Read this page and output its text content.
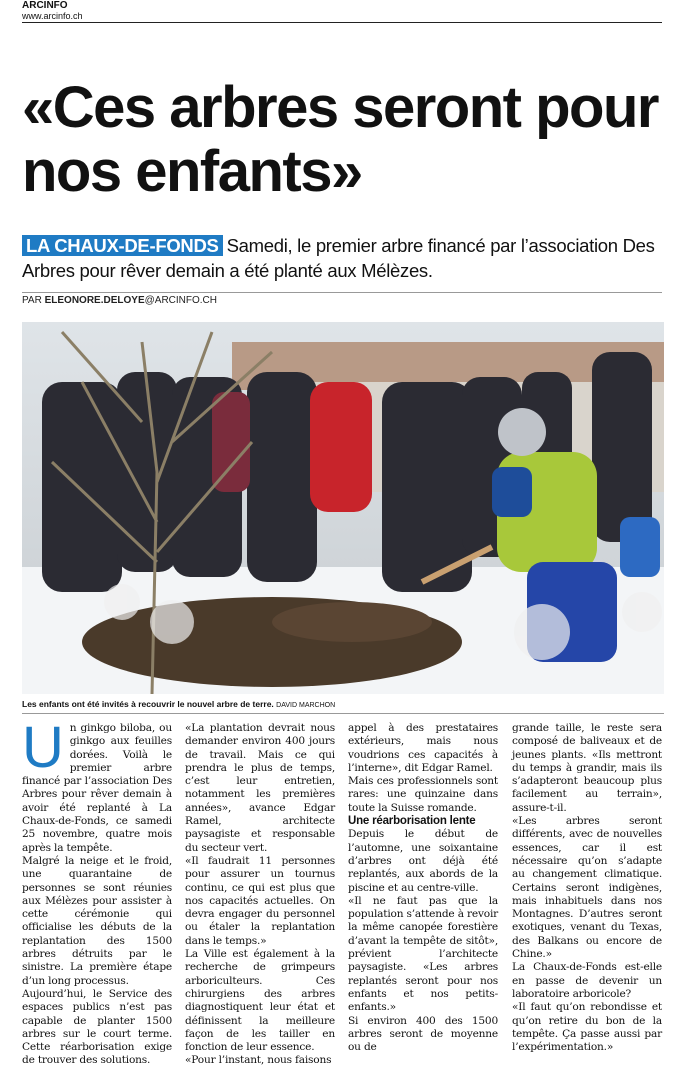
ARCINFO
www.arcinfo.ch
«Ces arbres seront pour nos enfants»
LA CHAUX-DE-FONDS Samedi, le premier arbre financé par l’association Des Arbres pour rêver demain a été planté aux Mélèzes.
PAR ELEONORE.DELOYE@ARCINFO.CH
Les enfants ont été invités à recouvrir le nouvel arbre de terre. DAVID MARCHON
U n ginkgo biloba, ou ginkgo aux feuilles dorées. Voilà le premier arbre financé par l’association Des Arbres pour rêver demain à avoir été replanté à La Chaux-de-Fonds, ce samedi 25 novembre, quatre mois après la tempête.

Malgré la neige et le froid, une quarantaine de personnes se sont réunies aux Mélèzes pour assister à cette cérémonie qui officialise les débuts de la replantation des 1500 arbres détruits par le sinistre. La première étape d’un long processus.

Aujourd’hui, le Service des espaces publics n’est pas capable de planter 1500 arbres sur le court terme. Cette réarborisation exige de trouver des solutions.

«La plantation devrait nous demander environ 400 jours de travail. Mais ce qui prendra le plus de temps, c’est leur entretien, notamment les premières années», avance Edgar Ramel, architecte paysagiste et responsable du secteur vert.

«Il faudrait 11 personnes pour assurer un tournus continu, ce qui est plus que nos capacités actuelles. On devra engager du personnel ou étaler la replantation dans le temps.»

La Ville est également à la recherche de grimpeurs arboriculteurs. Ces chirurgiens des arbres diagnostiquent leur état et définissent la meilleure façon de les tailler en fonction de leur essence.

«Pour l’instant, nous faisons

appel à des prestataires extérieurs, mais nous voudrions ces capacités à l’interne», dit Edgar Ramel.

Mais ces professionnels sont rares: une quinzaine dans toute la Suisse romande.

Une réarborisation lente

Depuis le début de l’automne, une soixantaine d’arbres ont déjà été replantés, aux abords de la piscine et au centre-ville.

«Il ne faut pas que la population s’attende à revoir la même canopée forestière d’avant la tempête de sitôt», prévient l’architecte paysagiste. «Les arbres replantés seront pour nos enfants et nos petits-enfants.»

Si environ 400 des 1500 arbres seront de moyenne ou de

grande taille, le reste sera composé de baliveaux et de jeunes plants. «Ils mettront du temps à grandir, mais ils s’adapteront beaucoup plus facilement au terrain», assure-t-il.

«Les arbres seront différents, avec de nouvelles essences, car il est nécessaire qu’on s’adapte au changement climatique. Certains seront indigènes, mais inhabituels dans nos Montagnes. D’autres seront exotiques, venant du Texas, des Balkans ou encore de Chine.»

La Chaux-de-Fonds est-elle en passe de devenir un laboratoire arboricole?

«Il faut qu’on rebondisse et qu’on retire du bon de la tempête. Ça passe aussi par l’expérimentation.»
